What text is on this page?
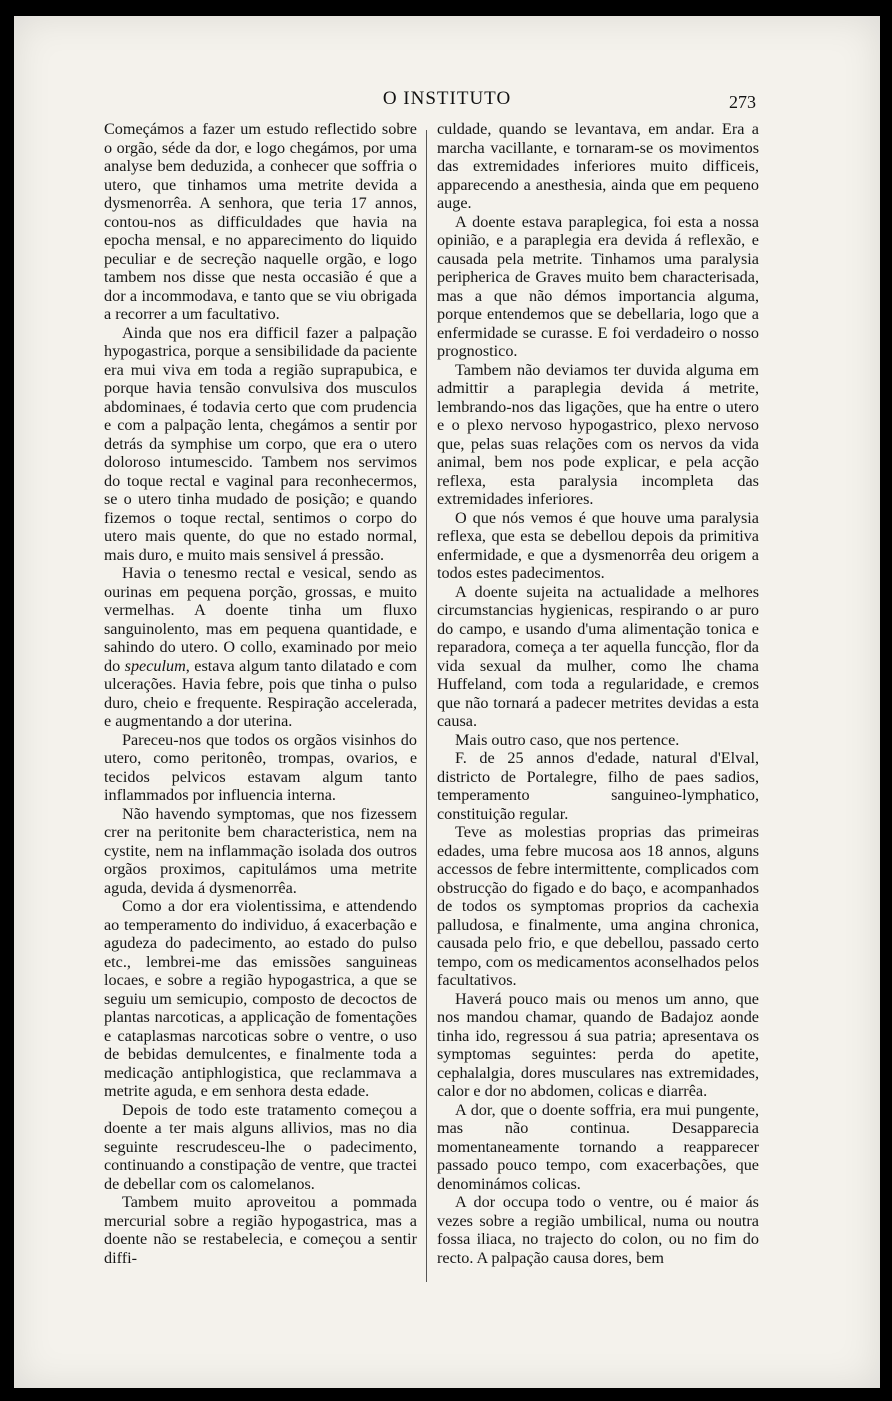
O INSTITUTO	273

Começámos a fazer um estudo reflectido sobre o orgão, séde da dor, e logo chegámos, por uma analyse bem deduzida, a conhecer que soffria o utero, que tinhamos uma metrite devida a dysmenorrêa. A senhora, que teria 17 annos, contou-nos as difficuldades que havia na epocha mensal, e no apparecimento do liquido peculiar e de secreção naquelle orgão, e logo tambem nos disse que nesta occasião é que a dor a incommodava, e tanto que se viu obrigada a recorrer a um facultativo.

Ainda que nos era difficil fazer a palpação hypogastrica, porque a sensibilidade da paciente era mui viva em toda a região suprapubica, e porque havia tensão convulsiva dos musculos abdominaes, é todavia certo que com prudencia e com a palpação lenta, chegámos a sentir por detrás da symphise um corpo, que era o utero doloroso intumescido. Tambem nos servimos do toque rectal e vaginal para reconhecermos, se o utero tinha mudado de posição; e quando fizemos o toque rectal, sentimos o corpo do utero mais quente, do que no estado normal, mais duro, e muito mais sensivel á pressão.

Havia o tenesmo rectal e vesical, sendo as ourinas em pequena porção, grossas, e muito vermelhas. A doente tinha um fluxo sanguinolento, mas em pequena quantidade, e sahindo do utero. O collo, examinado por meio do speculum, estava algum tanto dilatado e com ulcerações. Havia febre, pois que tinha o pulso duro, cheio e frequente. Respiração accelerada, e augmentando a dor uterina.

Pareceu-nos que todos os orgãos visinhos do utero, como peritonêo, trompas, ovarios, e tecidos pelvicos estavam algum tanto inflammados por influencia interna.

Não havendo symptomas, que nos fizessem crer na peritonite bem characteristica, nem na cystite, nem na inflammação isolada dos outros orgãos proximos, capitulámos uma metrite aguda, devida á dysmenorrêa.

Como a dor era violentissima, e attendendo ao temperamento do individuo, á exacerbação e agudeza do padecimento, ao estado do pulso etc., lembrei-me das emissões sanguineas locaes, e sobre a região hypogastrica, a que se seguiu um semicupio, composto de decoctos de plantas narcoticas, a applicação de fomentações e cataplasmas narcoticas sobre o ventre, o uso de bebidas demulcentes, e finalmente toda a medicação antiphlogistica, que reclammava a metrite aguda, e em senhora desta edade.

Depois de todo este tratamento começou a doente a ter mais alguns allivios, mas no dia seguinte rescrudesceu-lhe o padecimento, continuando a constipação de ventre, que tractei de debellar com os calomelanos.

Tambem muito aproveitou a pommada mercurial sobre a região hypogastrica, mas a doente não se restabelecia, e começou a sentir diffi-

culdade, quando se levantava, em andar. Era a marcha vacillante, e tornaram-se os movimentos das extremidades inferiores muito difficeis, apparecendo a anesthesia, ainda que em pequeno auge.

A doente estava paraplegica, foi esta a nossa opinião, e a paraplegia era devida á reflexão, e causada pela metrite. Tinhamos uma paralysia peripherica de Graves muito bem characterisada, mas a que não démos importancia alguma, porque entendemos que se debellaria, logo que a enfermidade se curasse. E foi verdadeiro o nosso prognostico.

Tambem não deviamos ter duvida alguma em admittir a paraplegia devida á metrite, lembrando-nos das ligações, que ha entre o utero e o plexo nervoso hypogastrico, plexo nervoso que, pelas suas relações com os nervos da vida animal, bem nos pode explicar, e pela acção reflexa, esta paralysia incompleta das extremidades inferiores.

O que nós vemos é que houve uma paralysia reflexa, que esta se debellou depois da primitiva enfermidade, e que a dysmenorrêa deu origem a todos estes padecimentos.

A doente sujeita na actualidade a melhores circumstancias hygienicas, respirando o ar puro do campo, e usando d'uma alimentação tonica e reparadora, começa a ter aquella funcção, flor da vida sexual da mulher, como lhe chama Huffeland, com toda a regularidade, e cremos que não tornará a padecer metrites devidas a esta causa.

Mais outro caso, que nos pertence.

F. de 25 annos d'edade, natural d'Elval, districto de Portalegre, filho de paes sadios, temperamento sanguineo-lymphatico, constituição regular.

Teve as molestias proprias das primeiras edades, uma febre mucosa aos 18 annos, alguns accessos de febre intermittente, complicados com obstrucção do figado e do baço, e acompanhados de todos os symptomas proprios da cachexia palludosa, e finalmente, uma angina chronica, causada pelo frio, e que debellou, passado certo tempo, com os medicamentos aconselhados pelos facultativos.

Haverá pouco mais ou menos um anno, que nos mandou chamar, quando de Badajoz aonde tinha ido, regressou á sua patria; apresentava os symptomas seguintes: perda do apetite, cephalalgia, dores musculares nas extremidades, calor e dor no abdomen, colicas e diarrêa.

A dor, que o doente soffria, era mui pungente, mas não continua. Desapparecia momentaneamente tornando a reapparecer passado pouco tempo, com exacerbações, que denominámos colicas.

A dor occupa todo o ventre, ou é maior ás vezes sobre a região umbilical, numa ou noutra fossa iliaca, no trajecto do colon, ou no fim do recto. A palpação causa dores, bem
